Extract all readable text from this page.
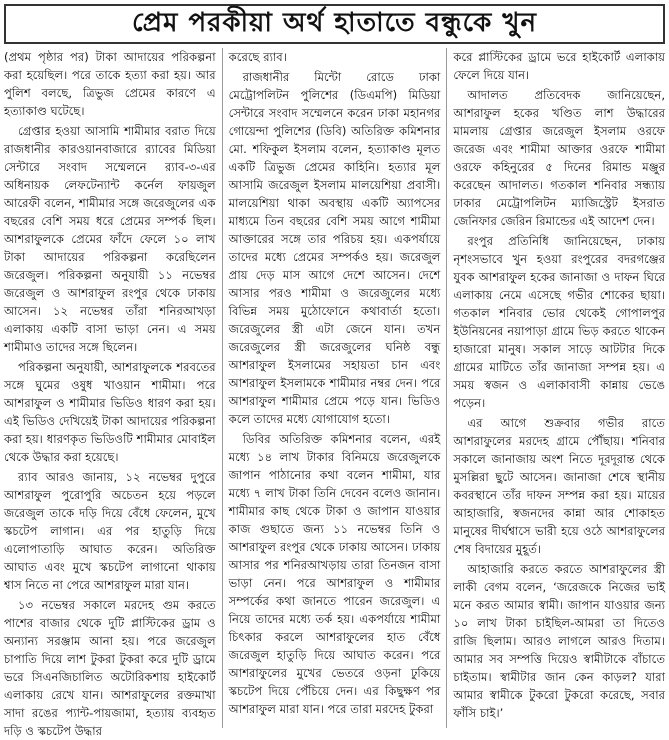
প্রেম পরকীয়া অর্থ হাতাতে বন্ধুকে খুন

(প্রথম পৃষ্ঠার পর) টাকা আদায়ের পরিকল্পনা করা হয়েছিল। পরে তাকে হত্যা করা হয়। আর পুলিশ বলছে, ত্রিভুজ প্রেমের কারণে এ হত্যাকাণ্ড ঘটেছে।

গ্রেপ্তার হওয়া আসামি শামীমার বরাত দিয়ে রাজধানীর কারওয়ানবাজারে র‍্যাবের মিডিয়া সেন্টারে সংবাদ সম্মেলনে র‍্যাব-৩-এর অধিনায়ক লেফটেন্যান্ট কর্নেল ফায়জুল আরেফী বলেন, শামীমার সঙ্গে জরেজুলের এক বছরের বেশি সময় ধরে প্রেমের সম্পর্ক ছিল। আশরাফুলকে প্রেমের ফাঁদে ফেলে ১০ লাখ টাকা আদায়ের পরিকল্পনা করেছিলেন জরেজুল। পরিকল্পনা অনুযায়ী ১১ নভেম্বর জরেজুল ও আশরাফুল রংপুর থেকে ঢাকায় আসেন। ১২ নভেম্বর তাঁরা শনিরআখড়া এলাকায় একটি বাসা ভাড়া নেন। এ সময় শামীমাও তাদের সঙ্গে ছিলেন।

পরিকল্পনা অনুযায়ী, আশরাফুলকে শরবতের সঙ্গে ঘুমের ওষুধ খাওয়ান শামীমা। পরে আশরাফুল ও শামীমার ভিডিও ধারণ করা হয়। এই ভিডিও দেখিয়েই টাকা আদায়ের পরিকল্পনা করা হয়। ধারণকৃত ভিডিওটি শামীমার মোবাইল থেকে উদ্ধার করা হয়েছে।

র‍্যাব আরও জানায়, ১২ নভেম্বর দুপুরে আশরাফুল পুরোপুরি অচেতন হয়ে পড়লে জরেজুল তাকে দড়ি দিয়ে বেঁধে ফেলেন, মুখে স্কচটেপ লাগান। এর পর হাতুড়ি দিয়ে এলোপাতাড়ি আঘাত করেন। অতিরিক্ত আঘাত এবং মুখে স্কচটেপ লাগানো থাকায় শ্বাস নিতে না পেরে আশরাফুল মারা যান।

১৩ নভেম্বর সকালে মরদেহ গুম করতে পাশের বাজার থেকে দুটি প্লাস্টিকের ড্রাম ও অন্যান্য সরঞ্জাম আনা হয়। পরে জরেজুল চাপাতি দিয়ে লাশ টুকরা টুকরা করে দুটি ড্রামে ভরে সিএনজিচালিত অটোরিকশায় হাইকোর্ট এলাকায় রেখে যান। আশরাফুলের রক্তমাখা সাদা রঙের প্যান্ট-পায়জামা, হত্যায় ব্যবহৃত দড়ি ও স্কচটেপ উদ্ধার

করেছে র‍্যাব।

রাজধানীর মিন্টো রোডে ঢাকা মেট্রোপলিটন পুলিশের (ডিএমপি) মিডিয়া সেন্টারে সংবাদ সম্মেলনে করেন ঢাকা মহানগর গোয়েন্দা পুলিশের (ডিবি) অতিরিক্ত কমিশনার মো. শফিকুল ইসলাম বলেন, হত্যাকাণ্ড মূলত একটি ত্রিভুজ প্রেমের কাহিনি। হত্যার মূল আসামি জরেজুল ইসলাম মালয়েশিয়া প্রবাসী। মালয়েশিয়া থাকা অবস্থায় একটি অ্যাপসের মাধ্যমে তিন বছরের বেশি সময় আগে শামীমা আক্তারের সঙ্গে তার পরিচয় হয়। একপর্যায়ে তাদের মধ্যে প্রেমের সম্পর্কও হয়। জরেজুল প্রায় দেড় মাস আগে দেশে আসেন। দেশে আসার পরও শামীমা ও জরেজুলের মধ্যে বিভিন্ন সময় মুঠোফোনে কথাবার্তা হতো। জরেজুলের স্ত্রী এটা জেনে যান। তখন জরেজুলের স্ত্রী জরেজুলের ঘনিষ্ঠ বন্ধু আশরাফুল ইসলামের সহায়তা চান এবং আশরাফুল ইসলামকে শামীমার নম্বর দেন। পরে আশরাফুল শামীমার প্রেমে পড়ে যান। ভিডিও কলে তাদের মধ্যে যোগাযোগ হতো।

ডিবির অতিরিক্ত কমিশনার বলেন, এরই মধ্যে ১৪ লাখ টাকার বিনিময়ে জরেজুলকে জাপান পাঠানোর কথা বলেন শামীমা, যার মধ্যে ৭ লাখ টাকা তিনি দেবেন বলেও জানান। শামীমার কাছ থেকে টাকা ও জাপান যাওয়ার কাজ গুছাতে জন্য ১১ নভেম্বর তিনি ও আশরাফুল রংপুর থেকে ঢাকায় আসেন। ঢাকায় আসার পর শনিরআখড়ায় তারা তিনজন বাসা ভাড়া নেন। পরে আশরাফুল ও শামীমার সম্পর্কের কথা জানতে পারেন জরেজুল। এ নিয়ে তাদের মধ্যে তর্ক হয়। একপর্যায়ে শামীমা চিৎকার করলে আশরাফুলের হাত বেঁধে জরেজুল হাতুড়ি দিয়ে আঘাত করেন। পরে আশরাফুলের মুখের ভেতরে ওড়না ঢুকিয়ে স্কচটেপ দিয়ে পেঁচিয়ে দেন। এর কিছুক্ষণ পর আশরাফুল মারা যান। পরে তারা মরদেহ টুকরা

করে প্লাস্টিকের ড্রামে ভরে হাইকোর্ট এলাকায় ফেলে দিয়ে যান।

আদালত প্রতিবেদক জানিয়েছেন, আশরাফুল হকের খণ্ডিত লাশ উদ্ধারের মামলায় গ্রেপ্তার জরেজুল ইসলাম ওরফে জরেজ এবং শামীমা আক্তার ওরফে শামীমা ওরফে কহিনুরের ৫ দিনের রিমান্ড মঞ্জুর করেছেন আদালত। গতকাল শনিবার সন্ধ্যায় ঢাকার মেট্রোপলিটন ম্যাজিস্ট্রেট ইসরাত জেনিফার জেরিন রিমান্ডের এই আদেশ দেন।

রংপুর প্রতিনিধি জানিয়েছেন, ঢাকায় নৃশংসভাবে খুন হওয়া রংপুরের বদরগঞ্জের যুবক আশরাফুল হকের জানাজা ও দাফন ঘিরে এলাকায় নেমে এসেছে গভীর শোকের ছায়া। গতকাল শনিবার ভোর থেকেই গোপালপুর ইউনিয়নের নয়াপাড়া গ্রামে ভিড় করতে থাকেন হাজারো মানুষ। সকাল সাড়ে আটটার দিকে গ্রামের মাটিতে তাঁর জানাজা সম্পন্ন হয়। এ সময় স্বজন ও এলাকাবাসী কান্নায় ভেঙে পড়েন।

এর আগে শুক্রবার গভীর রাতে আশরাফুলের মরদেহ গ্রামে পৌঁছায়। শনিবার সকালে জানাজায় অংশ নিতে দূরদূরান্ত থেকে মুসল্লিরা ছুটে আসেন। জানাজা শেষে স্থানীয় কবরস্থানে তাঁর দাফন সম্পন্ন করা হয়। মায়ের আহাজারি, স্বজনদের কান্না আর শোকাহত মানুষের দীর্ঘশ্বাসে ভারী হয়ে ওঠে আশরাফুলের শেষ বিদায়ের মুহূর্ত।

আহাজারি করতে করতে আশরাফুলের স্ত্রী লাকী বেগম বলেন, ‘জরেজকে নিজের ভাই মনে করত আমার স্বামী। জাপান যাওয়ার জন্য ১০ লাখ টাকা চাইছিল-আমরা তা দিতেও রাজি ছিলাম। আরও লাগলে আরও দিতাম। আমার সব সম্পত্তি দিয়েও স্বামীটাকে বাঁচাতে চাইতাম। স্বামীটার জান কেন কাড়ল? যারা আমার স্বামীকে টুকরো টুকরো করেছে, সবার ফাঁসি চাই।’
